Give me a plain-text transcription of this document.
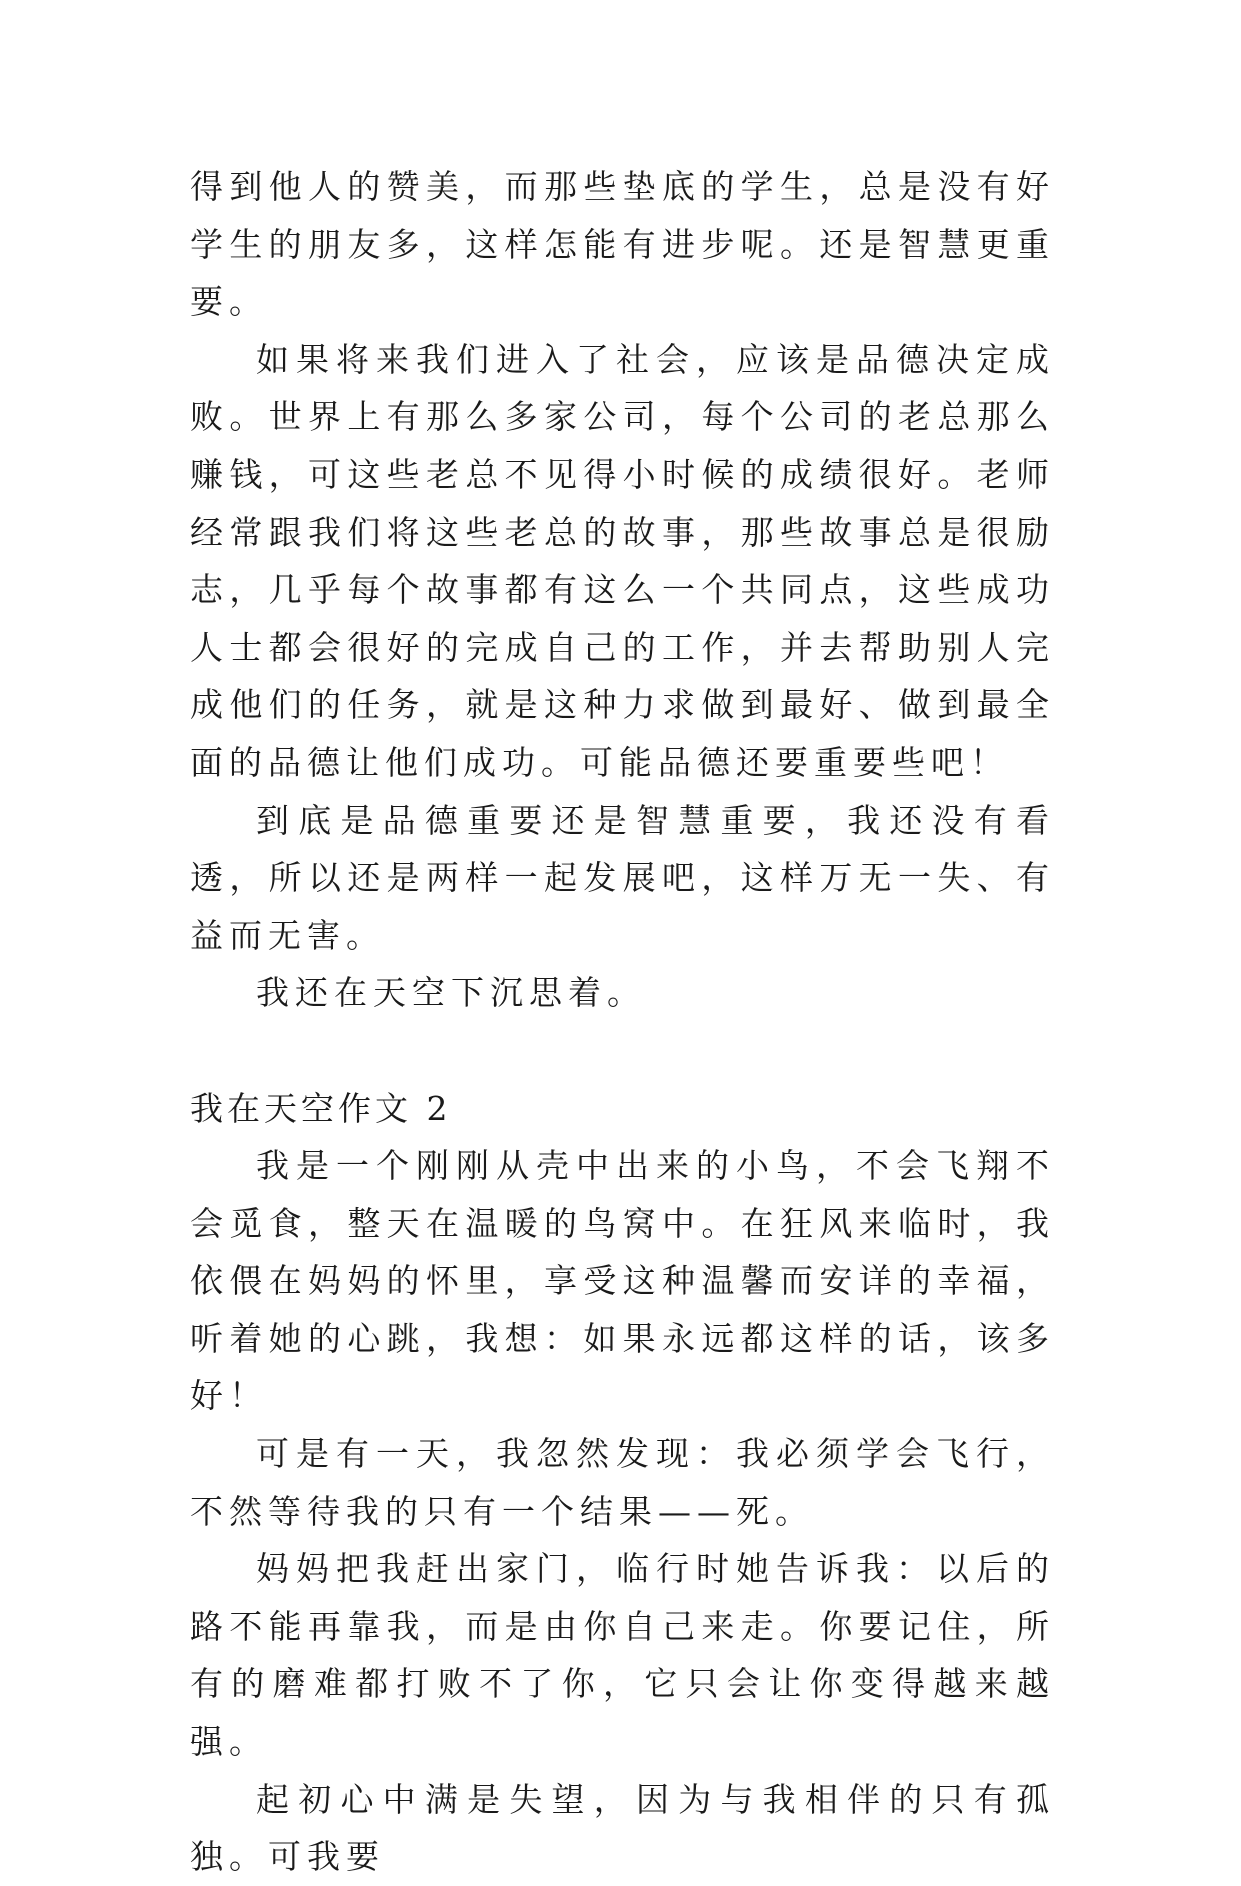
得到他人的赞美，而那些垫底的学生，总是没有好学生的朋友多，这样怎能有进步呢。还是智慧更重要。

如果将来我们进入了社会，应该是品德决定成败。世界上有那么多家公司，每个公司的老总那么赚钱，可这些老总不见得小时候的成绩很好。老师经常跟我们将这些老总的故事，那些故事总是很励志，几乎每个故事都有这么一个共同点，这些成功人士都会很好的完成自己的工作，并去帮助别人完成他们的任务，就是这种力求做到最好、做到最全面的品德让他们成功。可能品德还要重要些吧！

到底是品德重要还是智慧重要，我还没有看透，所以还是两样一起发展吧，这样万无一失、有益而无害。

我还在天空下沉思着。

我在天空作文 2

我是一个刚刚从壳中出来的小鸟，不会飞翔不会觅食，整天在温暖的鸟窝中。在狂风来临时，我依偎在妈妈的怀里，享受这种温馨而安详的幸福，听着她的心跳，我想：如果永远都这样的话，该多好！

可是有一天，我忽然发现：我必须学会飞行，不然等待我的只有一个结果——死。

妈妈把我赶出家门，临行时她告诉我：以后的路不能再靠我，而是由你自己来走。你要记住，所有的磨难都打败不了你，它只会让你变得越来越强。

起初心中满是失望，因为与我相伴的只有孤独。可我要
